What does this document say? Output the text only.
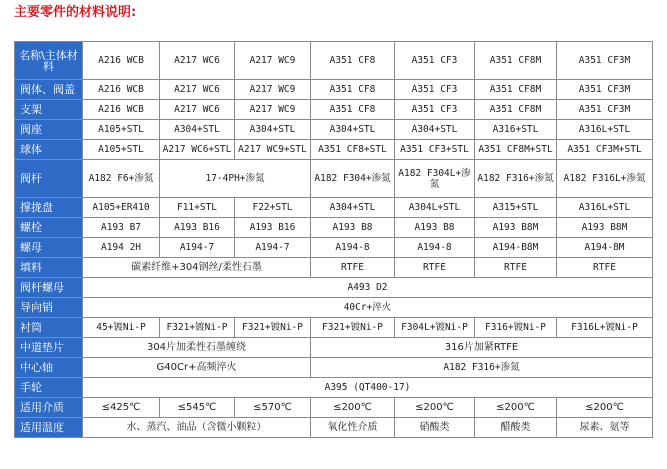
主要零件的材料说明:
名称\主体材料	A216 WCB	A217 WC6	A217 WC9	A351 CF8	A351 CF3	A351 CF8M	A351 CF3M
阀体、阀盖	A216 WCB	A217 WC6	A217 WC9	A351 CF8	A351 CF3	A351 CF8M	A351 CF3M
支架	A216 WCB	A217 WC6	A217 WC9	A351 CF8	A351 CF3	A351 CF8M	A351 CF3M
阀座	A105+STL	A304+STL	A304+STL	A304+STL	A304+STL	A316+STL	A316L+STL
球体	A105+STL	A217 WC6+STL	A217 WC9+STL	A351 CF8+STL	A351 CF3+STL	A351 CF8M+STL	A351 CF3M+STL
阀杆	A182 F6+渗氮	17-4PH+渗氮		A182 F304+渗氮	A182 F304L+渗氮	A182 F316+渗氮	A182 F316L+渗氮
撑拢盘	A105+ER410	F11+STL	F22+STL	A304+STL	A304L+STL	A315+STL	A316L+STL
螺栓	A193 B7	A193 B16	A193 B16	A193 B8	A193 B8	A193 B8M	A193 B8M
螺母	A194 2H	A194-7	A194-7	A194-8	A194-8	A194-B8M	A194-8M
填料	碳素纤维+304钢丝/柔性石墨			RTFE	RTFE	RTFE	RTFE
阀杆螺母	A493 D2						
导向销	40Cr+淬火						
衬筒	45+镀Ni-P	F321+镀Ni-P	F321+镀Ni-P	F321+镀Ni-P	F304L+镀Ni-P	F316+镀Ni-P	F316L+镀Ni-P
中道垫片	304片加柔性石墨缠绕			316片加紧RTFE			
中心轴	G40Cr+高频淬火			A182 F316+渗氮			
手轮	A395 (QT400-17)						
适用介质	≤425℃	≤545℃	≤570℃	≤200℃	≤200℃	≤200℃	≤200℃
适用温度	水、蒸汽、油品（含微小颗粒）			氧化性介质	硝酸类	醋酸类	尿素、氨等
